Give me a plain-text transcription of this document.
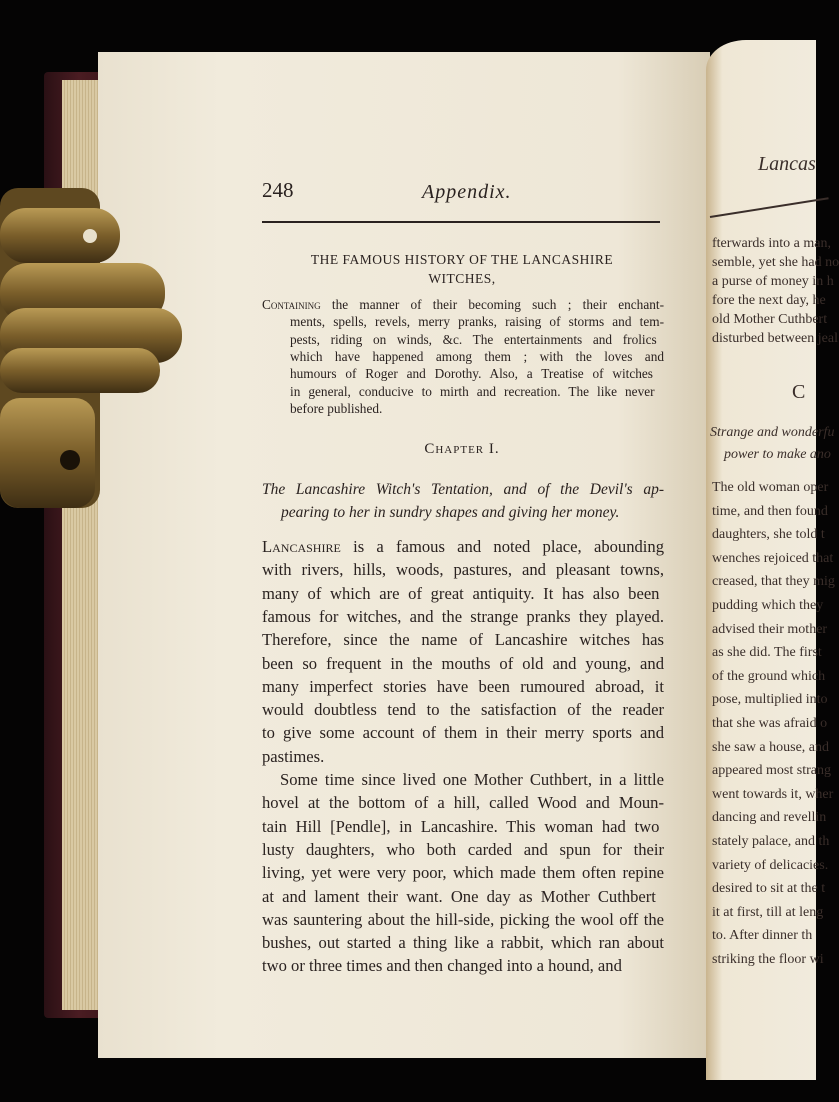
Lancas
C
fterwards into a man,
semble, yet she had no
a purse of money in h
fore the next day, he
old Mother Cuthbert
disturbed between jeal
Strange and wonderfu
power to make ano
The old woman oper
time, and then found
daughters, she told t
wenches rejoiced that
creased, that they mig
pudding which they
advised their mother
as she did. The first
of the ground which
pose, multiplied into
that she was afraid o
she saw a house, and
appeared most strang
went towards it, wher
dancing and revellin
stately palace, and th
variety of delicacies.
desired to sit at the t
it at first, till at leng
to. After dinner th
striking the floor wi
248	Appendix.
THE FAMOUS HISTORY OF THE LANCASHIRE
WITCHES,
Containing the manner of their becoming such ; their enchant-
ments, spells, revels, merry pranks, raising of storms and tem-
pests, riding on winds, &c. The entertainments and frolics
which have happened among them ; with the loves and
humours of Roger and Dorothy. Also, a Treatise of witches
in general, conducive to mirth and recreation. The like never
before published.
Chapter I.
The Lancashire Witch's Tentation, and of the Devil's ap-
pearing to her in sundry shapes and giving her money.
Lancashire is a famous and noted place, abounding
with rivers, hills, woods, pastures, and pleasant towns,
many of which are of great antiquity. It has also been
famous for witches, and the strange pranks they played.
Therefore, since the name of Lancashire witches has
been so frequent in the mouths of old and young, and
many imperfect stories have been rumoured abroad, it
would doubtless tend to the satisfaction of the reader
to give some account of them in their merry sports and
pastimes.
Some time since lived one Mother Cuthbert, in a little
hovel at the bottom of a hill, called Wood and Moun-
tain Hill [Pendle], in Lancashire. This woman had two
lusty daughters, who both carded and spun for their
living, yet were very poor, which made them often repine
at and lament their want. One day as Mother Cuthbert
was sauntering about the hill-side, picking the wool off the
bushes, out started a thing like a rabbit, which ran about
two or three times and then changed into a hound, and
